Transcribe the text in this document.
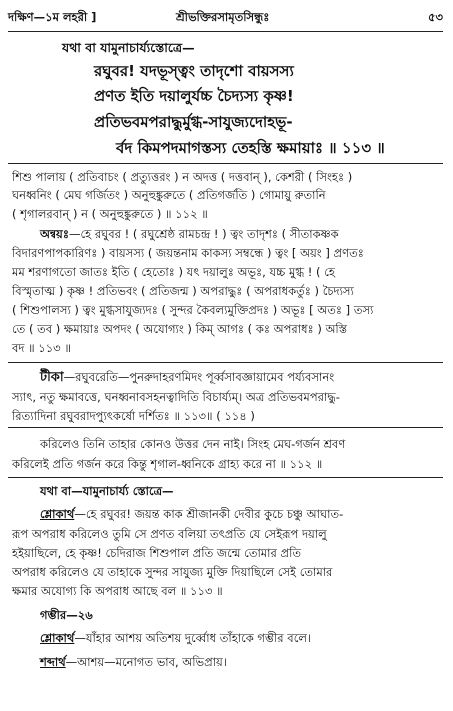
দক্ষিণ—১ম লহরী ]	শ্রীভক্তিরসামৃতসিন্ধুঃ	৫৩
যথা বা যামুনাচার্য্যস্তোত্রে—
রঘুবর! যদভূস্ত্বং তাদৃশো বায়সস্য
প্রণত ইতি দয়ালুর্যচ্চ চৈদ্যস্য কৃষ্ণ!
প্রতিভবমপরাদ্ধুর্মুগ্ধ-সাযুজ্যদোহভূ-
র্বদ কিমপদমাগস্তস্য তেহস্তি ক্ষমায়াঃ ॥ ১১৩ ॥
শিশু পালায় ( প্রতিবাচং ( প্রত্যুত্তরং ) ন অদত্ত ( দত্তবান্ ), কেশরী ( সিংহঃ )
ঘনধ্বনিং ( মেঘ গর্জিতং ) অনুহুঙ্কুরুতে ( প্রতিগর্জতি ) গোমায়ু রুতানি
( শৃগালরবান্ ) ন ( অনুহুঙ্কুরুতে ) ॥ ১১২ ॥
অন্বয়ঃ—হে রঘুবর ! ( রঘুশ্রেষ্ঠ রামচন্দ্র ! ) ত্বং তাদৃশঃ ( সীতাকষ্ণক
বিদারণপাপকারিণঃ ) বায়সস্য ( জয়ন্তনাম কাকস্য সম্বন্ধে ) ত্বং [ অয়ং ] প্রণতঃ
মম শরণাগতো জাতঃ ইতি ( হেতোঃ ) যৎ দয়ালুঃ অভূঃ, যচ্চ মুগ্ধ ! ( হে
বিস্মৃতাত্ম ) কৃষ্ণ ! প্রতিভবং ( প্রতিজন্ম ) অপরাদ্ধুঃ ( অপরাধকর্তুঃ ) চৈদ্যস্য
( শিশুপালস্য ) ত্বং মুগ্ধসাযুজ্যদঃ ( সুন্দর কৈবল্যমুক্তিপ্রদঃ ) অভূঃ [ অতঃ ] তস্য
তে ( তব ) ক্ষমায়াঃ অপদং ( অযোগ্যং ) কিম্ আগঃ ( কঃ অপরাধঃ ) অস্তি
বদ ॥ ১১৩ ॥
টীকা—রঘুবরেতি—পুনরুদাহরণমিদং পূর্ব্বসাবজ্ঞায়ামেব পর্য্যবসানং
স্যাৎ, নতু ক্ষমাবত্তে, ঘনধ্বনাবসহনত্বাদিতি বিচার্য্যম্। অত্র প্রতিভবমপরাদ্ধু-
রিত্যাদিনা রঘুবরাদপ্যুৎকর্ষো দর্শিতঃ ॥ ১১৩॥ ( ১১৪ )
করিলেও তিনি তাহার কোনও উত্তর দেন নাই। সিংহ মেঘ-গর্জন শ্রবণ
করিলেই প্রতি গর্জন করে কিন্তু শৃগাল-ধ্বনিকে গ্রাহ্য করে না ॥ ১১২ ॥
যথা বা—যামুনাচার্য্য স্তোত্রে—
শ্লোকার্থ—হে রঘুবর! জয়ন্ত কাক শ্রীজানকী দেবীর কুচে চঞ্চু আঘাত-
রূপ অপরাধ করিলেও তুমি সে প্রণত বলিয়া তৎপ্রতি যে সেইরূপ দয়ালু
হইয়াছিলে, হে কৃষ্ণ! চেদিরাজ শিশুপাল প্রতি জন্মে তোমার প্রতি
অপরাধ করিলেও যে তাহাকে সুন্দর সাযুজ্য মুক্তি দিয়াছিলে সেই তোমার
ক্ষমার অযোগ্য কি অপরাধ আছে বল ॥ ১১৩ ॥
গম্ভীর—২৬
শ্লোকার্থ—যাঁহার আশয় অতিশয় দুর্ব্বোধ তাঁহাকে গম্ভীর বলে।
শব্দার্থ—আশয়—মনোগত ভাব, অভিপ্রায়।
